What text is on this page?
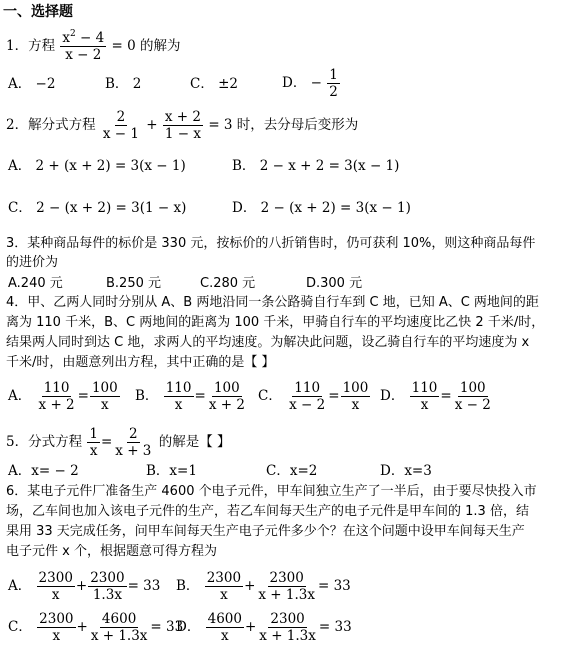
一、选择题
1．方程 $\frac{x^2 - 4}{x - 2} = 0$ 的解为
A． −2	B． 2	C． ±2	D． − $\frac{1}{2}$
2．解分式方程 $\frac{2}{x - 1} + \frac{x + 2}{1 - x} = 3$ 时，去分母后变形为
A． 2 + (x + 2) = 3(x − 1)	B． 2 − x + 2 = 3(x − 1)
C． 2 − (x + 2) = 3(1 − x)	D． 2 − (x + 2) = 3(x − 1)
3．某种商品每件的标价是 330 元，按标价的八折销售时，仍可获利 10%，则这种商品每件
的进价为
A.240 元	B.250 元	C.280 元	D.300 元
4．甲、乙两人同时分别从 A、B 两地沿同一条公路骑自行车到 C 地，已知 A、C 两地间的距
离为 110 千米，B、C 两地间的距离为 100 千米，甲骑自行车的平均速度比乙快 2 千米/时，
结果两人同时到达 C 地，求两人的平均速度。为解决此问题，设乙骑自行车的平均速度为 x
千米/时，由题意列出方程，其中正确的是【 】
A． $\frac{110}{x + 2} = \frac{100}{x}$ B． $\frac{110}{x} = \frac{100}{x + 2}$ C． $\frac{110}{x - 2} = \frac{100}{x}$ D． $\frac{110}{x} = \frac{100}{x - 2}$
5．分式方程 $\frac{1}{x} = \frac{2}{x + 3}$ 的解是【 】
A．x= − 2	B．x=1	C．x=2	D．x=3
6．某电子元件厂准备生产 4600 个电子元件，甲车间独立生产了一半后，由于要尽快投入市
场，乙车间也加入该电子元件的生产，若乙车间每天生产的电子元件是甲车间的 1.3 倍，结
果用 33 天完成任务，问甲车间每天生产电子元件多少个？在这个问题中设甲车间每天生产
电子元件 x 个，根据题意可得方程为
A． $\frac{2300}{x} + \frac{2300}{1.3x} = 33$ B． $\frac{2300}{x} + \frac{2300}{x + 1.3x} = 33$
C． $\frac{2300}{x} + \frac{4600}{x + 1.3x} = 33$
D． $\frac{4600}{x} + \frac{2300}{x + 1.3x} = 33$
